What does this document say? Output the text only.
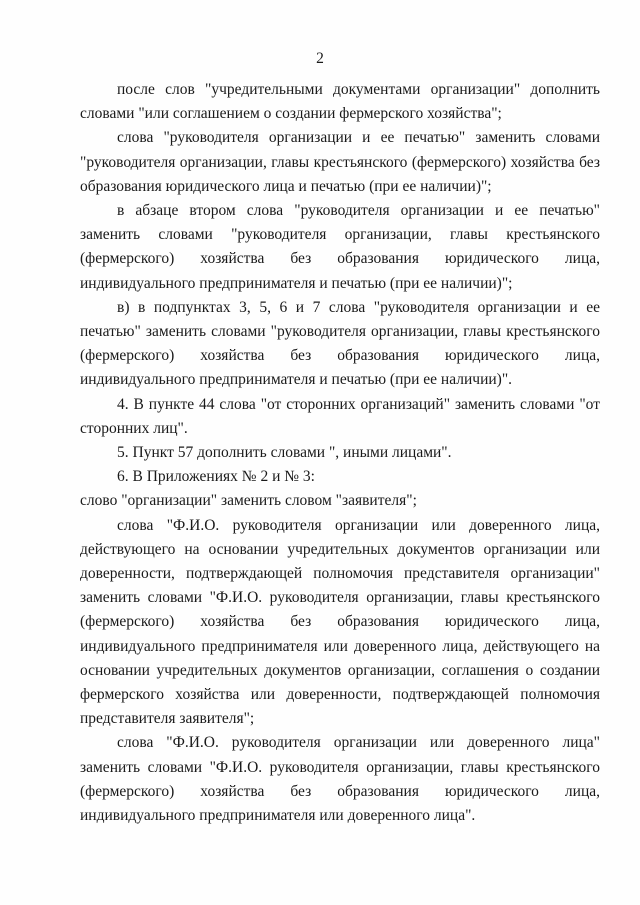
2

после слов "учредительными документами организации" дополнить словами "или соглашением о создании фермерского хозяйства";

слова "руководителя организации и ее печатью" заменить словами "руководителя организации, главы крестьянского (фермерского) хозяйства без образования юридического лица и печатью (при ее наличии)";

в абзаце втором слова "руководителя организации и ее печатью" заменить словами "руководителя организации, главы крестьянского (фермерского) хозяйства без образования юридического лица, индивидуального предпринимателя и печатью (при ее наличии)";

в) в подпунктах 3, 5, 6 и 7 слова "руководителя организации и ее печатью" заменить словами "руководителя организации, главы крестьянского (фермерского) хозяйства без образования юридического лица, индивидуального предпринимателя и печатью (при ее наличии)".

4. В пункте 44 слова "от сторонних организаций" заменить словами "от сторонних лиц".

5. Пункт 57 дополнить словами ", иными лицами".

6. В Приложениях № 2 и № 3:

слово "организации" заменить словом "заявителя";

слова "Ф.И.О. руководителя организации или доверенного лица, действующего на основании учредительных документов организации или доверенности, подтверждающей полномочия представителя организации" заменить словами "Ф.И.О. руководителя организации, главы крестьянского (фермерского) хозяйства без образования юридического лица, индивидуального предпринимателя или доверенного лица, действующего на основании учредительных документов организации, соглашения о создании фермерского хозяйства или доверенности, подтверждающей полномочия представителя заявителя";

слова "Ф.И.О. руководителя организации или доверенного лица" заменить словами "Ф.И.О. руководителя организации, главы крестьянского (фермерского) хозяйства без образования юридического лица, индивидуального предпринимателя или доверенного лица".
